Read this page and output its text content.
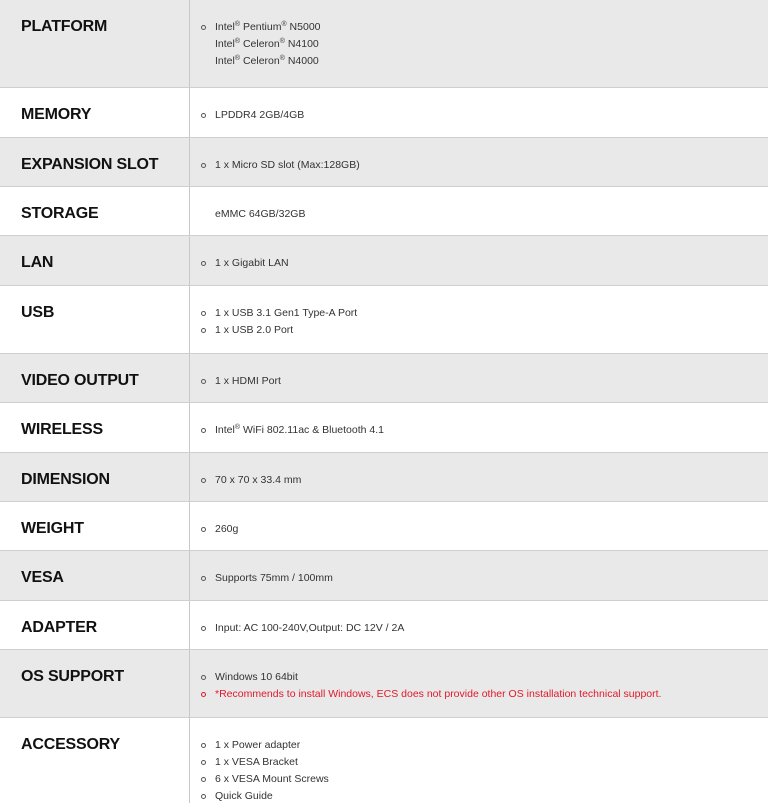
PLATFORM	Intel® Pentium® N5000
Intel® Celeron® N4100
Intel® Celeron® N4000
MEMORY	LPDDR4 2GB/4GB
EXPANSION SLOT	1 x Micro SD slot (Max:128GB)
STORAGE	eMMC 64GB/32GB
LAN	1 x Gigabit LAN
USB	1 x USB 3.1 Gen1 Type-A Port
1 x USB 2.0 Port
VIDEO OUTPUT	1 x HDMI Port
WIRELESS	Intel® WiFi 802.11ac & Bluetooth 4.1
DIMENSION	70 x 70 x 33.4 mm
WEIGHT	260g
VESA	Supports 75mm / 100mm
ADAPTER	Input: AC 100-240V,Output: DC 12V / 2A
OS SUPPORT	Windows 10 64bit
*Recommends to install Windows, ECS does not provide other OS installation technical support.
ACCESSORY	1 x Power adapter
1 x VESA Bracket
6 x VESA Mount Screws
Quick Guide
